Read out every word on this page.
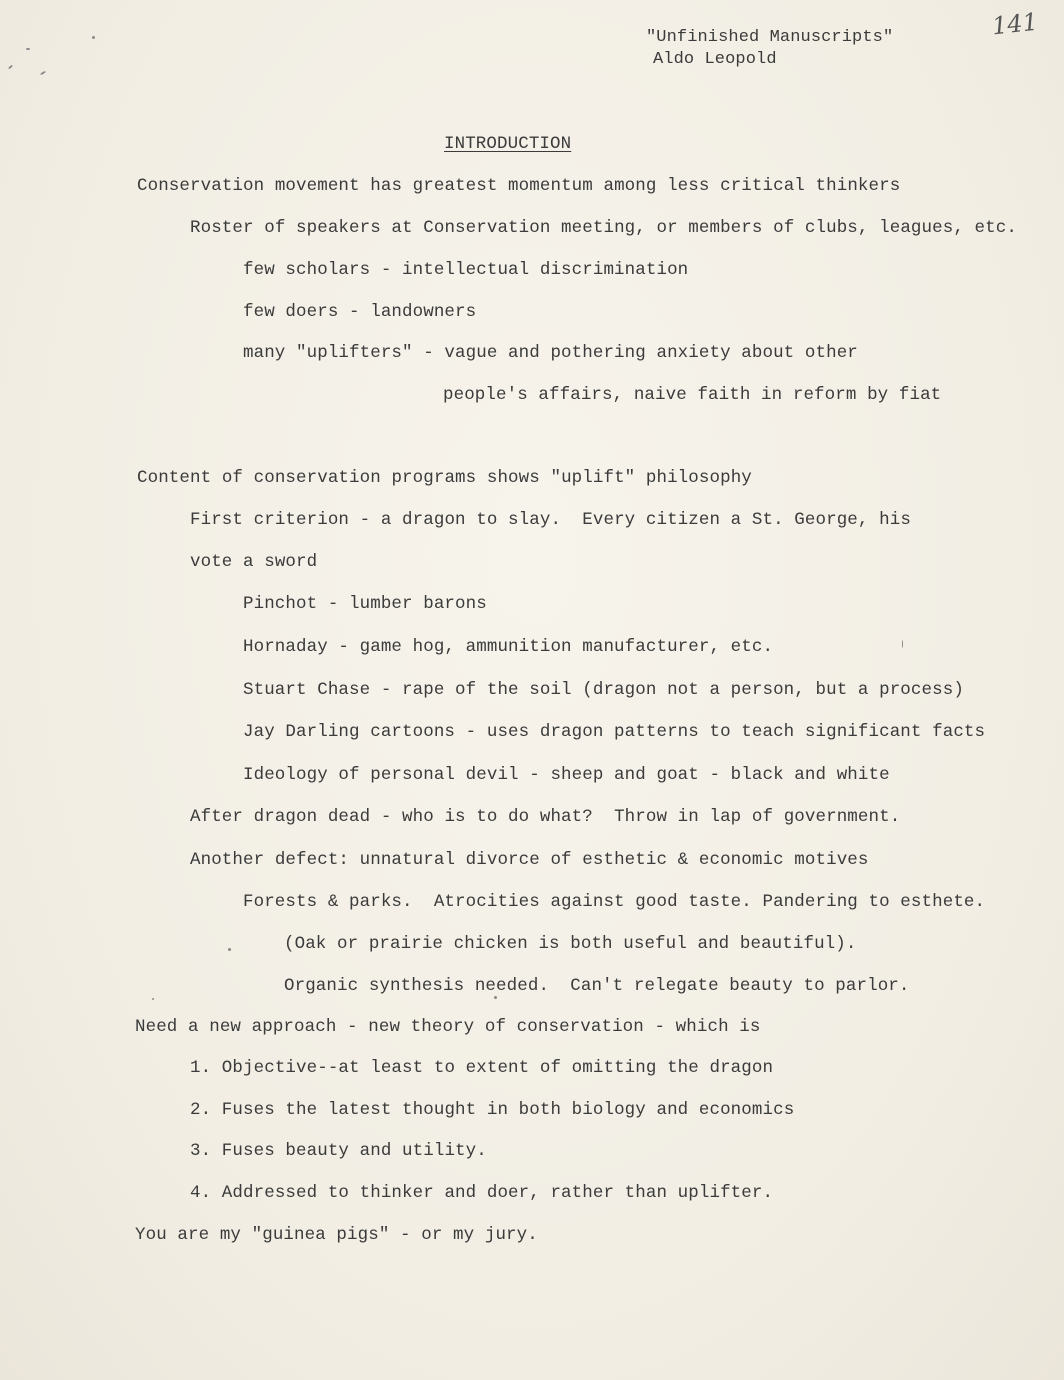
141
"Unfinished Manuscripts"
Aldo Leopold
INTRODUCTION
Conservation movement has greatest momentum among less critical thinkers
Roster of speakers at Conservation meeting, or members of clubs, leagues, etc.
few scholars - intellectual discrimination
few doers - landowners
many "uplifters" - vague and pothering anxiety about other
people's affairs, naive faith in reform by fiat
Content of conservation programs shows "uplift" philosophy
First criterion - a dragon to slay.  Every citizen a St. George, his
vote a sword
Pinchot - lumber barons
Hornaday - game hog, ammunition manufacturer, etc.
Stuart Chase - rape of the soil (dragon not a person, but a process)
Jay Darling cartoons - uses dragon patterns to teach significant facts
Ideology of personal devil - sheep and goat - black and white
After dragon dead - who is to do what?  Throw in lap of government.
Another defect: unnatural divorce of esthetic & economic motives
Forests & parks.  Atrocities against good taste. Pandering to esthete.
(Oak or prairie chicken is both useful and beautiful).
Organic synthesis needed.  Can't relegate beauty to parlor.
Need a new approach - new theory of conservation - which is
1. Objective--at least to extent of omitting the dragon
2. Fuses the latest thought in both biology and economics
3. Fuses beauty and utility.
4. Addressed to thinker and doer, rather than uplifter.
You are my "guinea pigs" - or my jury.
